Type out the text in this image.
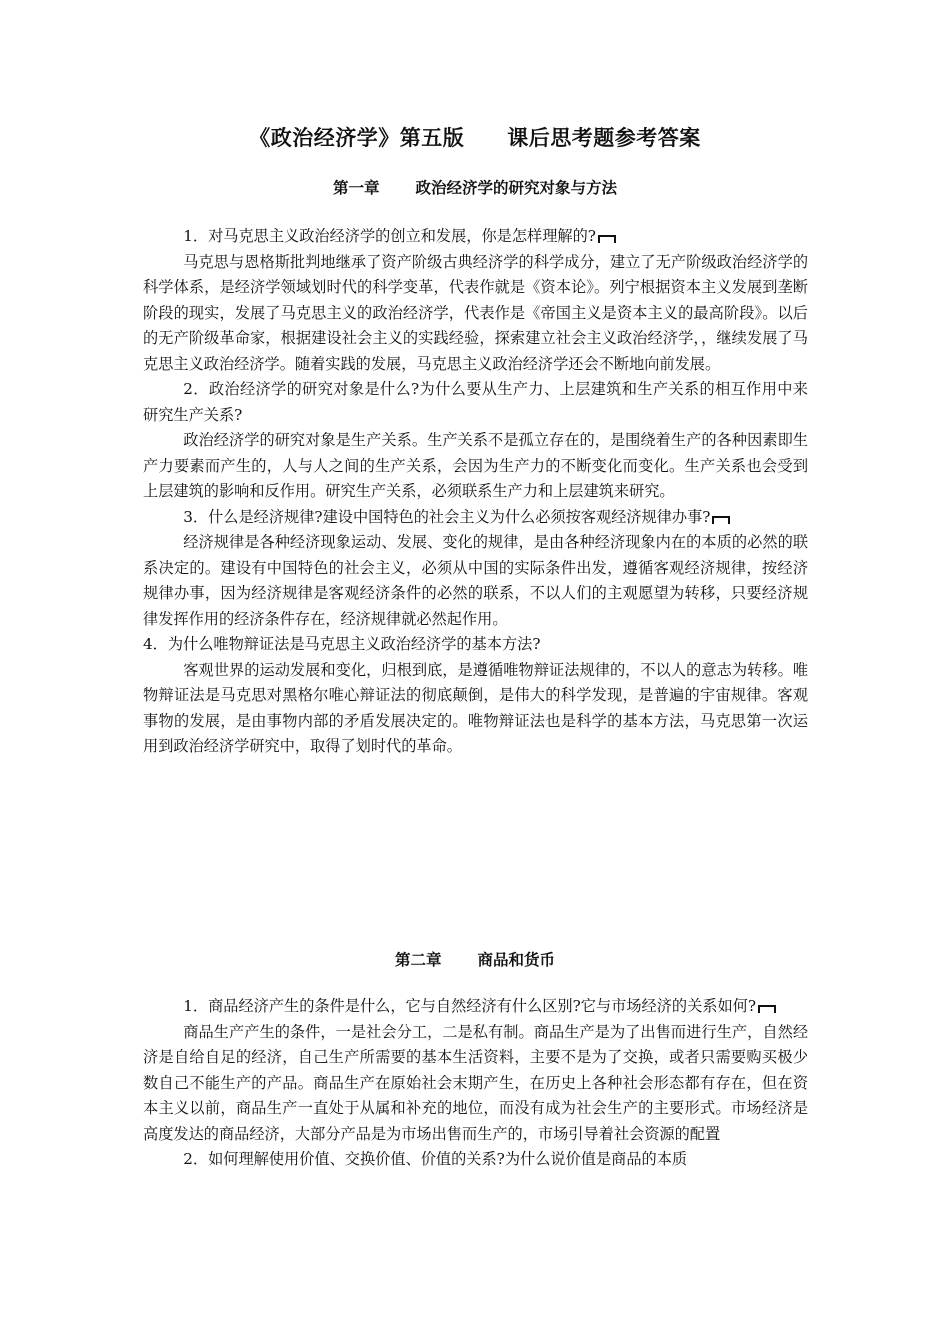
《政治经济学》第五版　　课后思考题参考答案
第一章 政治经济学的研究对象与方法

1．对马克思主义政治经济学的创立和发展，你是怎样理解的?

马克思与恩格斯批判地继承了资产阶级古典经济学的科学成分，建立了无产阶级政治经济学的科学体系，是经济学领域划时代的科学变革，代表作就是《资本论》。列宁根据资本主义发展到垄断阶段的现实，发展了马克思主义的政治经济学，代表作是《帝国主义是资本主义的最高阶段》。以后的无产阶级革命家，根据建设社会主义的实践经验，探索建立社会主义政治经济学，，继续发展了马克思主义政治经济学。随着实践的发展，马克思主义政治经济学还会不断地向前发展。

2．政治经济学的研究对象是什么?为什么要从生产力、上层建筑和生产关系的相互作用中来研究生产关系?

政治经济学的研究对象是生产关系。生产关系不是孤立存在的，是围绕着生产的各种因素即生产力要素而产生的，人与人之间的生产关系，会因为生产力的不断变化而变化。生产关系也会受到上层建筑的影响和反作用。研究生产关系，必须联系生产力和上层建筑来研究。

3．什么是经济规律?建设中国特色的社会主义为什么必须按客观经济规律办事?

经济规律是各种经济现象运动、发展、变化的规律，是由各种经济现象内在的本质的必然的联系决定的。建设有中国特色的社会主义，必须从中国的实际条件出发，遵循客观经济规律，按经济规律办事，因为经济规律是客观经济条件的必然的联系，不以人们的主观愿望为转移，只要经济规律发挥作用的经济条件存在，经济规律就必然起作用。

4．为什么唯物辩证法是马克思主义政治经济学的基本方法?

客观世界的运动发展和变化，归根到底，是遵循唯物辩证法规律的，不以人的意志为转移。唯物辩证法是马克思对黑格尔唯心辩证法的彻底颠倒，是伟大的科学发现，是普遍的宇宙规律。客观事物的发展，是由事物内部的矛盾发展决定的。唯物辩证法也是科学的基本方法，马克思第一次运用到政治经济学研究中，取得了划时代的革命。

第二章 商品和货币

1．商品经济产生的条件是什么，它与自然经济有什么区别?它与市场经济的关系如何?

商品生产产生的条件，一是社会分工，二是私有制。商品生产是为了出售而进行生产，自然经济是自给自足的经济，自己生产所需要的基本生活资料，主要不是为了交换，或者只需要购买极少数自己不能生产的产品。商品生产在原始社会末期产生，在历史上各种社会形态都有存在，但在资本主义以前，商品生产一直处于从属和补充的地位，而没有成为社会生产的主要形式。市场经济是高度发达的商品经济，大部分产品是为市场出售而生产的，市场引导着社会资源的配置

2．如何理解使用价值、交换价值、价值的关系?为什么说价值是商品的本质
